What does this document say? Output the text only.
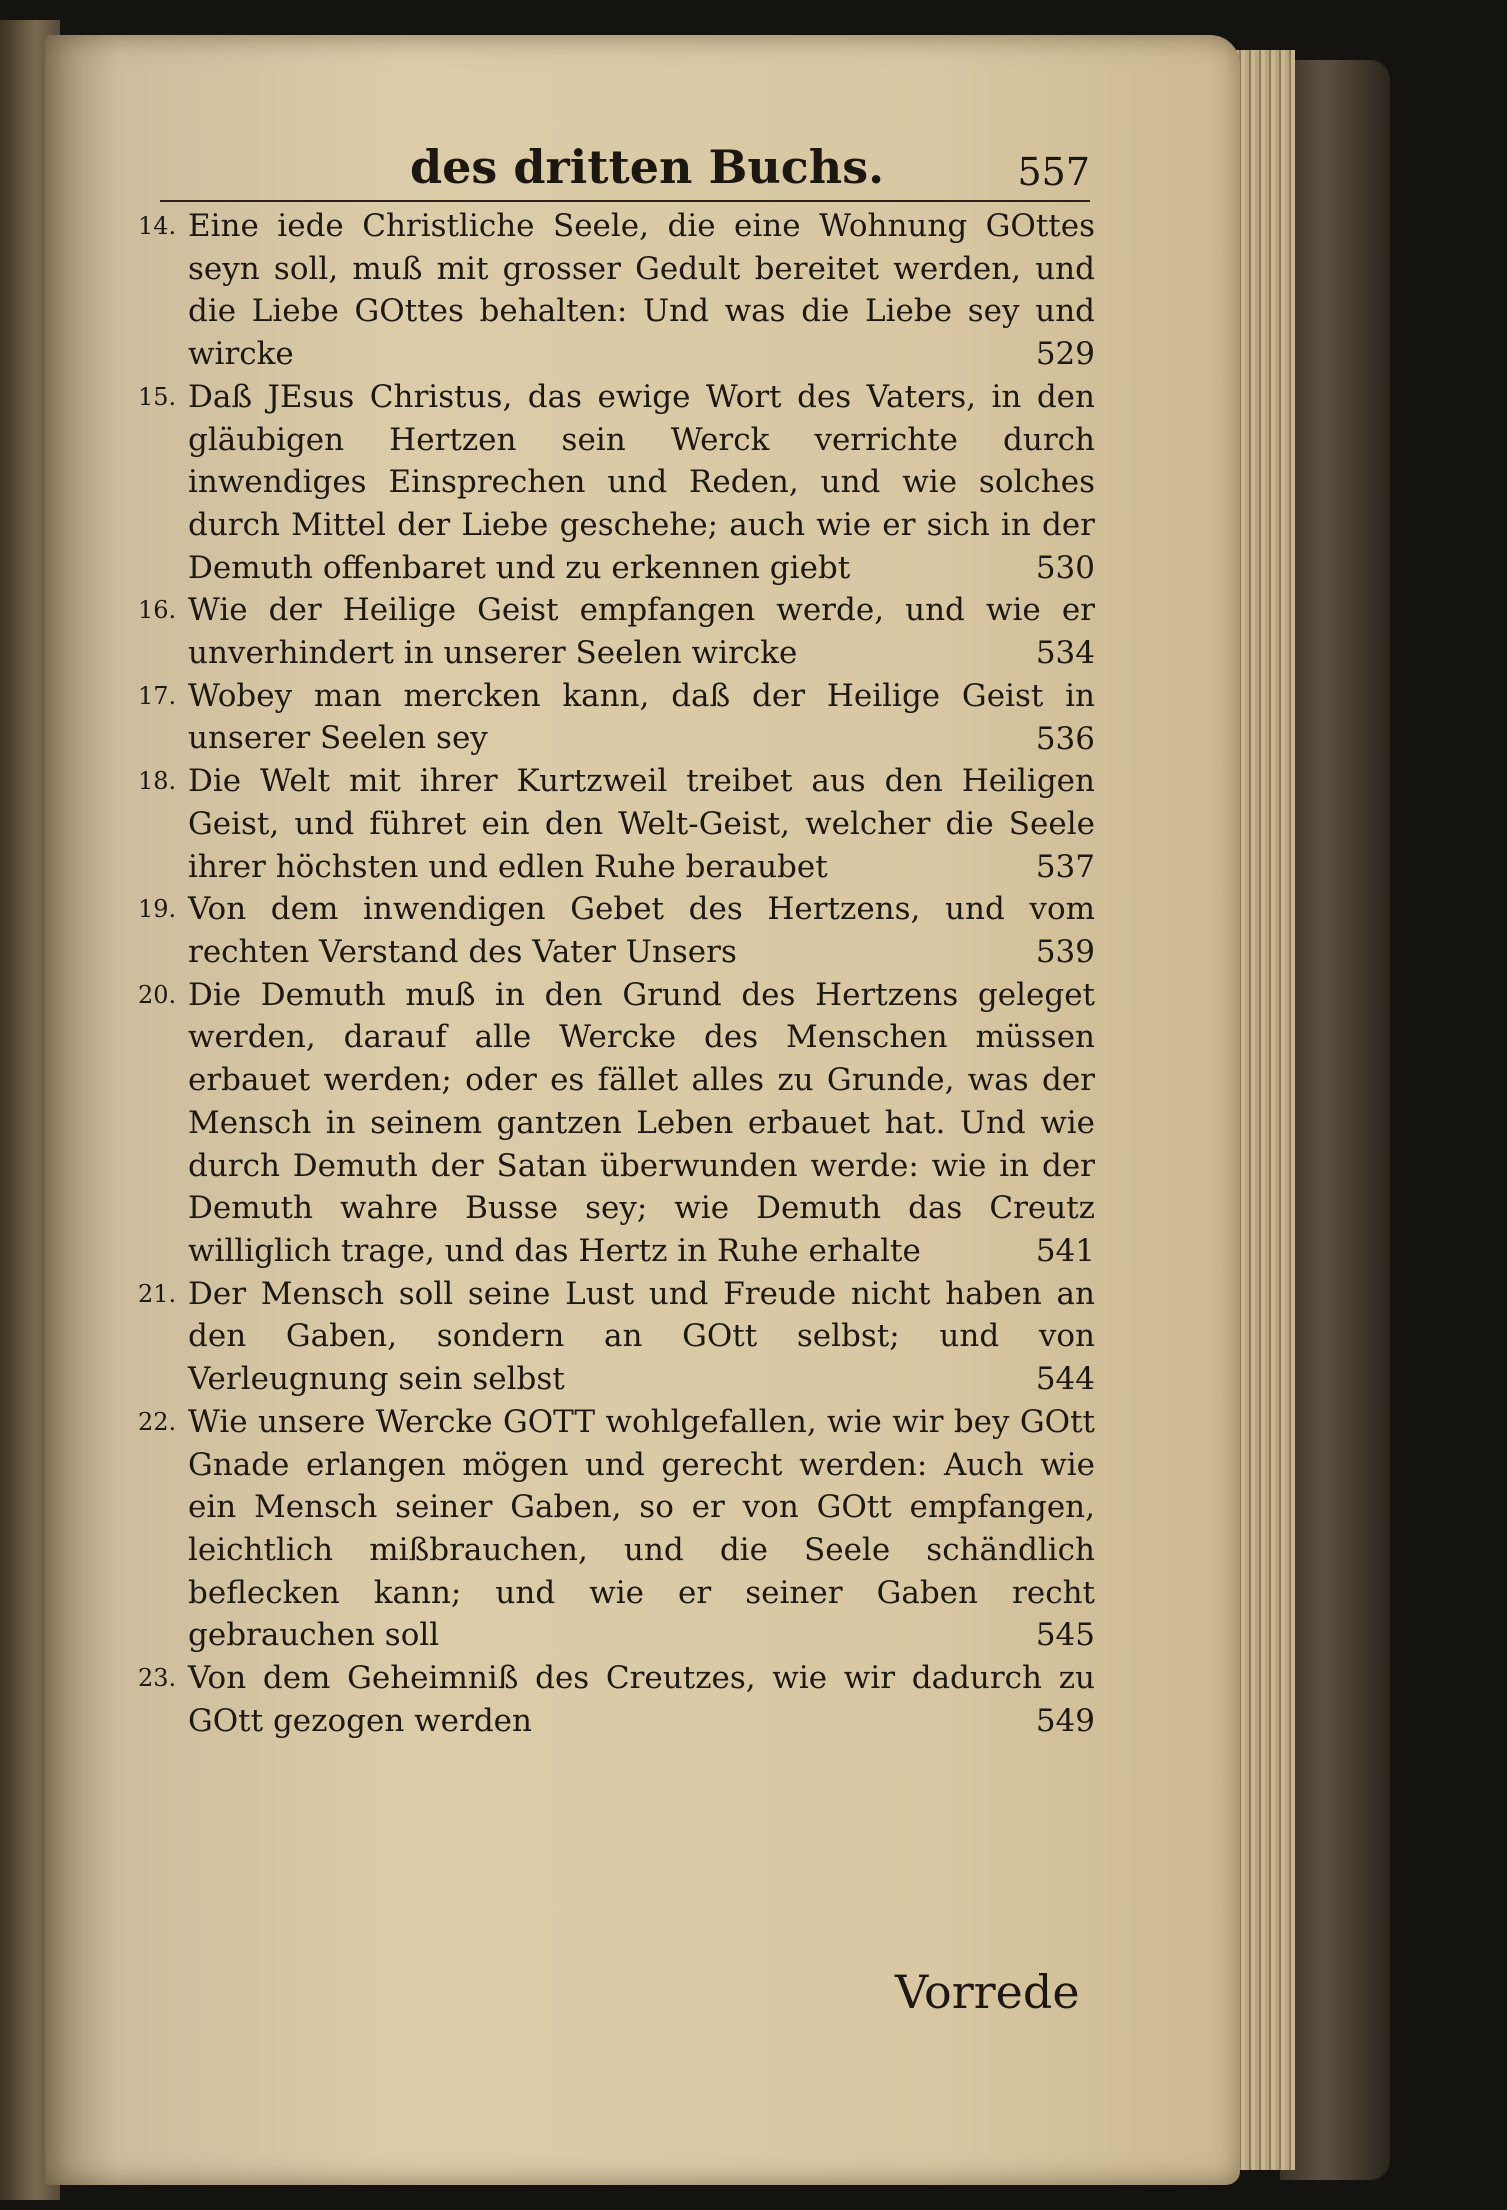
des dritten Buchs.	557
14. Eine iede Christliche Seele, die eine Wohnung GOttes seyn soll, muß mit grosser Gedult bereitet werden, und die Liebe GOttes behalten: Und was die Liebe sey und wircke	529
15. Daß JEsus Christus, das ewige Wort des Vaters, in den gläubigen Hertzen sein Werck verrichte durch inwendiges Einsprechen und Reden, und wie solches durch Mittel der Liebe geschehe; auch wie er sich in der Demuth offenbaret und zu erkennen giebt	530
16. Wie der Heilige Geist empfangen werde, und wie er unverhindert in unserer Seelen wircke	534
17. Wobey man mercken kann, daß der Heilige Geist in unserer Seelen sey	536
18. Die Welt mit ihrer Kurtzweil treibet aus den Heiligen Geist, und führet ein den Welt-Geist, welcher die Seele ihrer höchsten und edlen Ruhe beraubet	537
19. Von dem inwendigen Gebet des Hertzens, und vom rechten Verstand des Vater Unsers	539
20. Die Demuth muß in den Grund des Hertzens geleget werden, darauf alle Wercke des Menschen müssen erbauet werden; oder es fället alles zu Grunde, was der Mensch in seinem gantzen Leben erbauet hat. Und wie durch Demuth der Satan überwunden werde: wie in der Demuth wahre Busse sey; wie Demuth das Creutz williglich trage, und das Hertz in Ruhe erhalte	541
21. Der Mensch soll seine Lust und Freude nicht haben an den Gaben, sondern an GOtt selbst; und von Verleugnung sein selbst	544
22. Wie unsere Wercke GOTT wohlgefallen, wie wir bey GOtt Gnade erlangen mögen und gerecht werden: Auch wie ein Mensch seiner Gaben, so er von GOtt empfangen, leichtlich mißbrauchen, und die Seele schändlich beflecken kann; und wie er seiner Gaben recht gebrauchen soll	545
23. Von dem Geheimniß des Creutzes, wie wir dadurch zu GOtt gezogen werden	549
Vorrede
